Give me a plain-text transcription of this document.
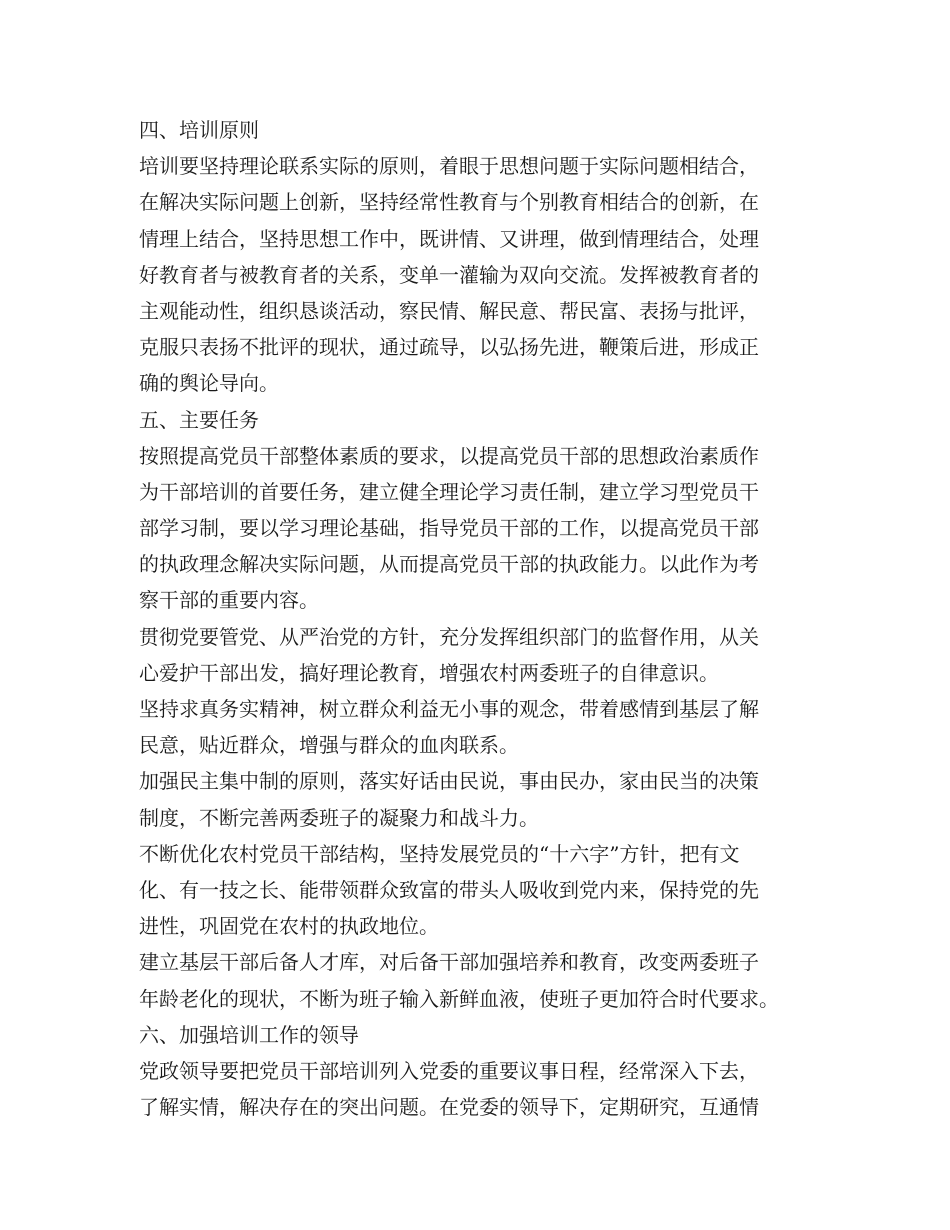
四、培训原则
培训要坚持理论联系实际的原则，着眼于思想问题于实际问题相结合，
在解决实际问题上创新，坚持经常性教育与个别教育相结合的创新，在
情理上结合，坚持思想工作中，既讲情、又讲理，做到情理结合，处理
好教育者与被教育者的关系，变单一灌输为双向交流。发挥被教育者的
主观能动性，组织恳谈活动，察民情、解民意、帮民富、表扬与批评，
克服只表扬不批评的现状，通过疏导，以弘扬先进，鞭策后进，形成正
确的舆论导向。
五、主要任务
按照提高党员干部整体素质的要求，以提高党员干部的思想政治素质作
为干部培训的首要任务，建立健全理论学习责任制，建立学习型党员干
部学习制，要以学习理论基础，指导党员干部的工作，以提高党员干部
的执政理念解决实际问题，从而提高党员干部的执政能力。以此作为考
察干部的重要内容。
贯彻党要管党、从严治党的方针，充分发挥组织部门的监督作用，从关
心爱护干部出发，搞好理论教育，增强农村两委班子的自律意识。
坚持求真务实精神，树立群众利益无小事的观念，带着感情到基层了解
民意，贴近群众，增强与群众的血肉联系。
加强民主集中制的原则，落实好话由民说，事由民办，家由民当的决策
制度，不断完善两委班子的凝聚力和战斗力。
不断优化农村党员干部结构，坚持发展党员的“十六字”方针，把有文
化、有一技之长、能带领群众致富的带头人吸收到党内来，保持党的先
进性，巩固党在农村的执政地位。
建立基层干部后备人才库，对后备干部加强培养和教育，改变两委班子
年龄老化的现状，不断为班子输入新鲜血液，使班子更加符合时代要求。
六、加强培训工作的领导
党政领导要把党员干部培训列入党委的重要议事日程，经常深入下去，
了解实情，解决存在的突出问题。在党委的领导下，定期研究，互通情
